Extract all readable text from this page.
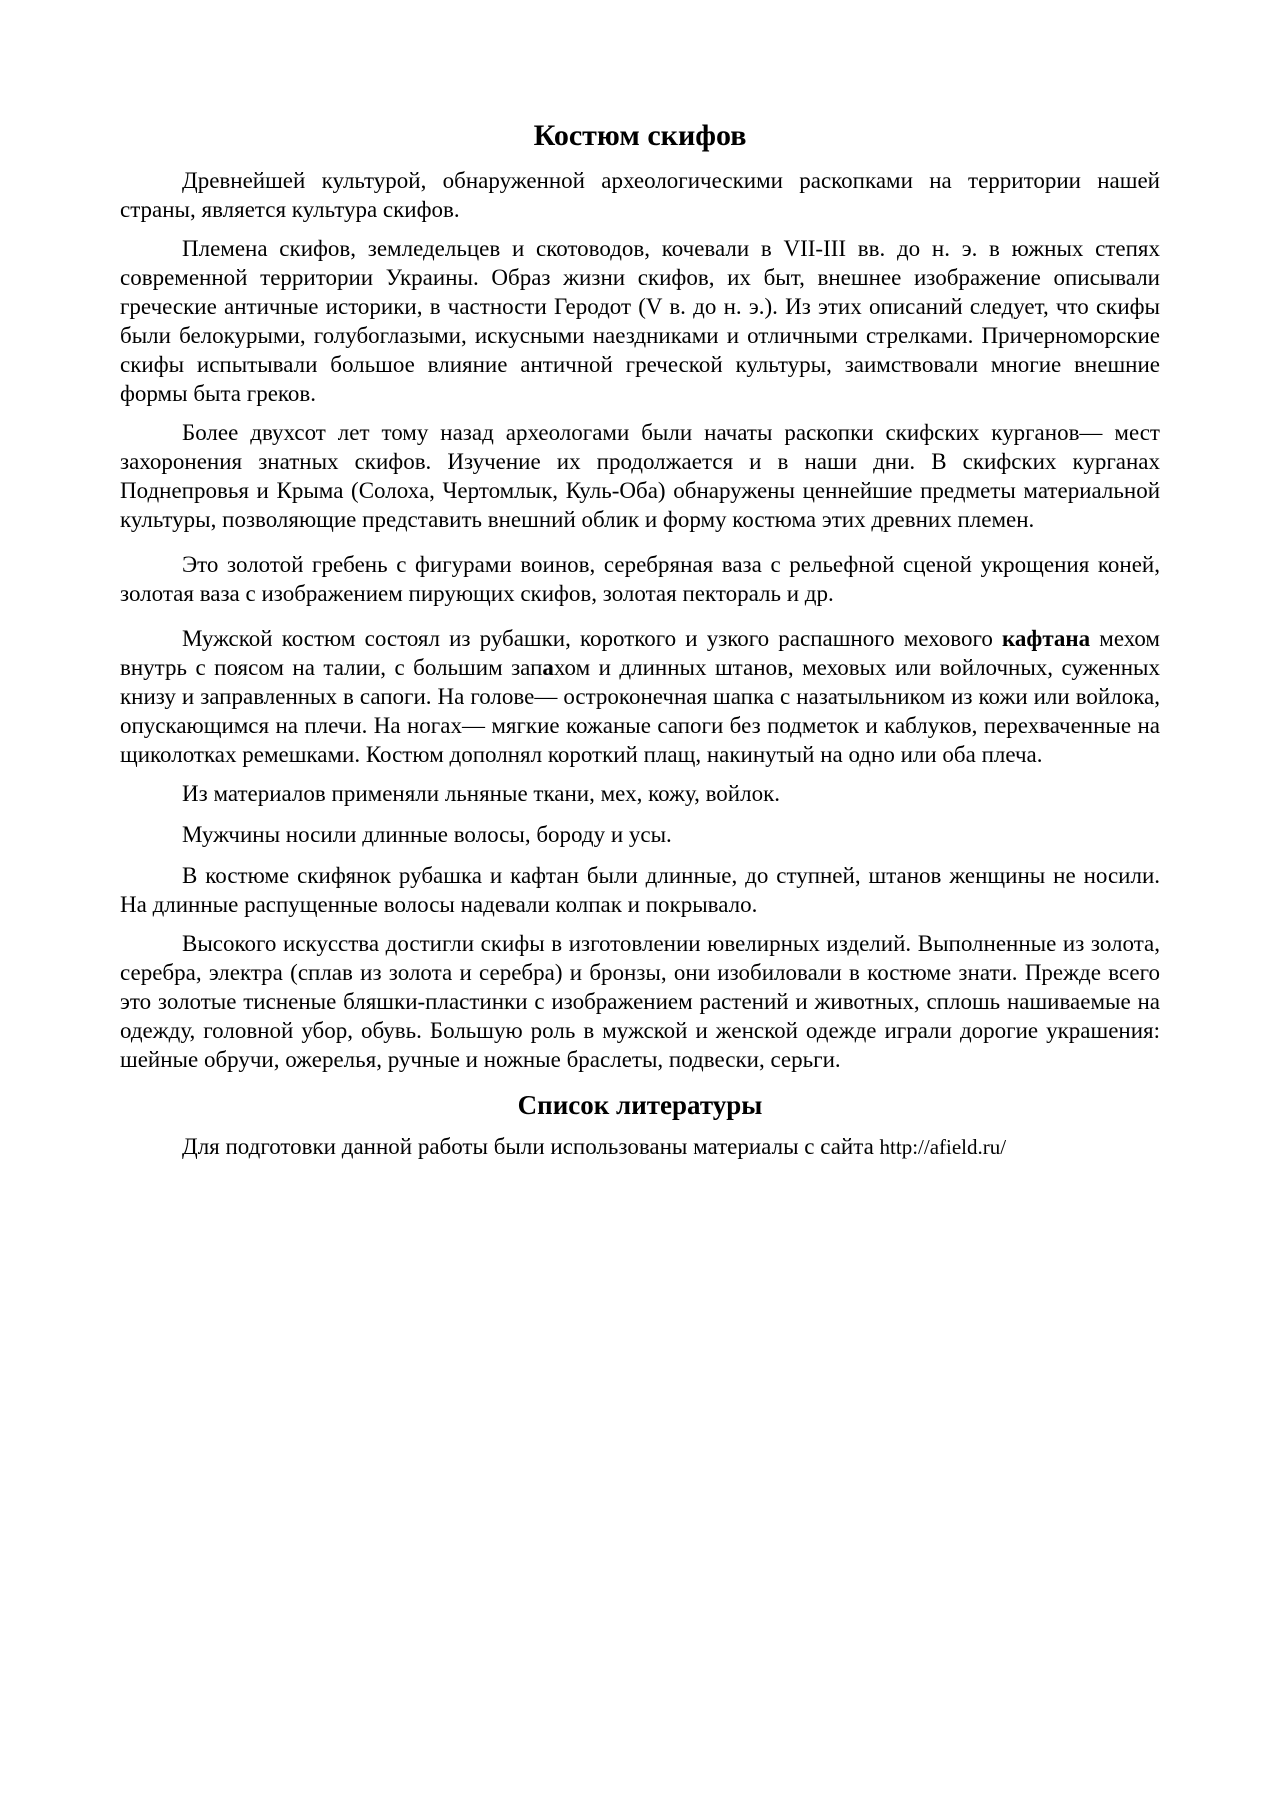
Костюм скифов

Древнейшей культурой, обнаруженной археологическими раскопками на территории нашей страны, является культура скифов.

Племена скифов, земледельцев и скотоводов, кочевали в VII-III вв. до н. э. в южных степях современной территории Украины. Образ жизни скифов, их быт, внешнее изображение описывали греческие античные историки, в частности Геродот (V в. до н. э.). Из этих описаний следует, что скифы были белокурыми, голубоглазыми, искусными наездниками и отличными стрелками. Причерноморские скифы испытывали большое влияние античной греческой культуры, заимствовали многие внешние формы быта греков.

Более двухсот лет тому назад археологами были начаты раскопки скифских курганов— мест захоронения знатных скифов. Изучение их продолжается и в наши дни. В скифских курганах Поднепровья и Крыма (Солоха, Чертомлык, Куль-Оба) обнаружены ценнейшие предметы материальной культуры, позволяющие представить внешний облик и форму костюма этих древних племен.

Это золотой гребень с фигурами воинов, серебряная ваза с рельефной сценой укрощения коней, золотая ваза с изображением пирующих скифов, золотая пектораль и др.

Мужской костюм состоял из рубашки, короткого и узкого распашного мехового кафтана мехом внутрь с поясом на талии, с большим запахом и длинных штанов, меховых или войлочных, суженных книзу и заправленных в сапоги. На голове— остроконечная шапка с назатыльником из кожи или войлока, опускающимся на плечи. На ногах— мягкие кожаные сапоги без подметок и каблуков, перехваченные на щиколотках ремешками. Костюм дополнял короткий плащ, накинутый на одно или оба плеча.

Из материалов применяли льняные ткани, мех, кожу, войлок.

Мужчины носили длинные волосы, бороду и усы.

В костюме скифянок рубашка и кафтан были длинные, до ступней, штанов женщины не носили. На длинные распущенные волосы надевали колпак и покрывало.

Высокого искусства достигли скифы в изготовлении ювелирных изделий. Выполненные из золота, серебра, электра (сплав из золота и серебра) и бронзы, они изобиловали в костюме знати. Прежде всего это золотые тисненые бляшки-пластинки с изображением растений и животных, сплошь нашиваемые на одежду, головной убор, обувь. Большую роль в мужской и женской одежде играли дорогие украшения: шейные обручи, ожерелья, ручные и ножные браслеты, подвески, серьги.

Список литературы

Для подготовки данной работы были использованы материалы с сайта http://afield.ru/
